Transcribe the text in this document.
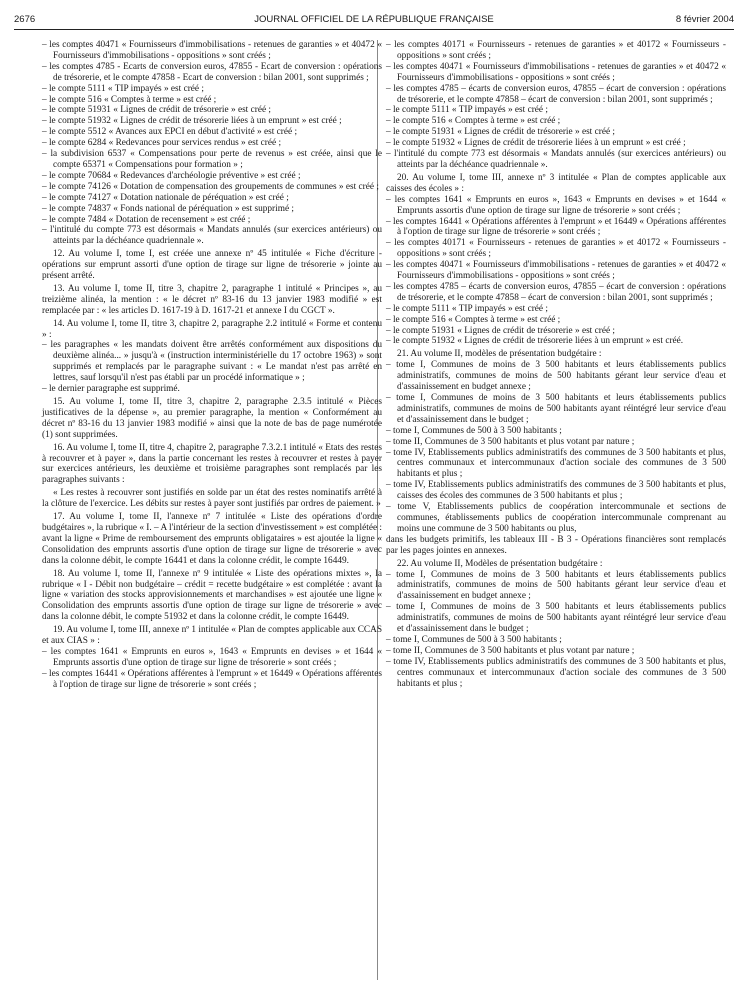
2676	JOURNAL OFFICIEL DE LA RÉPUBLIQUE FRANÇAISE	8 février 2004

– les comptes 40471 « Fournisseurs d'immobilisations - retenues de garanties » et 40472 « Fournisseurs d'immobilisations - oppositions » sont créés ;

– les comptes 4785 - Ecarts de conversion euros, 47855 - Ecart de conversion : opérations de trésorerie, et le compte 47858 - Ecart de conversion : bilan 2001, sont supprimés ;

– le compte 5111 « TIP impayés » est créé ;

– le compte 516 « Comptes à terme » est créé ;

– le compte 51931 « Lignes de crédit de trésorerie » est créé ;

– le compte 51932 « Lignes de crédit de trésorerie liées à un emprunt » est créé ;

– le compte 5512 « Avances aux EPCI en début d'activité » est créé ;

– le compte 6284 « Redevances pour services rendus » est créé ;

– la subdivision 6537 « Compensations pour perte de revenus » est créée, ainsi que le compte 65371 « Compensations pour formation » ;

– le compte 70684 « Redevances d'archéologie préventive » est créé ;

– le compte 74126 « Dotation de compensation des groupements de communes » est créé ;

– le compte 74127 « Dotation nationale de péréquation » est créé ;

– le compte 74837 « Fonds national de péréquation » est supprimé ;

– le compte 7484 « Dotation de recensement » est créé ;

– l'intitulé du compte 773 est désormais « Mandats annulés (sur exercices antérieurs) ou atteints par la déchéance quadriennale ».

12. Au volume I, tome I, est créée une annexe nº 45 intitulée « Fiche d'écriture - opérations sur emprunt assorti d'une option de tirage sur ligne de trésorerie » jointe au présent arrêté.

13. Au volume I, tome II, titre 3, chapitre 2, paragraphe 1 intitulé « Principes », au treizième alinéa, la mention : « le décret nº 83-16 du 13 janvier 1983 modifié » est remplacée par : « les articles D. 1617-19 à D. 1617-21 et annexe I du CGCT ».

14. Au volume I, tome II, titre 3, chapitre 2, paragraphe 2.2 intitulé « Forme et contenu » :

– les paragraphes « les mandats doivent être arrêtés conformément aux dispositions du deuxième alinéa... » jusqu'à « (instruction interministérielle du 17 octobre 1963) » sont supprimés et remplacés par le paragraphe suivant : « Le mandat n'est pas arrêté en lettres, sauf lorsqu'il n'est pas établi par un procédé informatique » ;

– le dernier paragraphe est supprimé.

15. Au volume I, tome II, titre 3, chapitre 2, paragraphe 2.3.5 intitulé « Pièces justificatives de la dépense », au premier paragraphe, la mention « Conformément au décret nº 83-16 du 13 janvier 1983 modifié » ainsi que la note de bas de page numérotée (1) sont supprimées.

16. Au volume I, tome II, titre 4, chapitre 2, paragraphe 7.3.2.1 intitulé « Etats des restes à recouvrer et à payer », dans la partie concernant les restes à recouvrer et restes à payer sur exercices antérieurs, les deuxième et troisième paragraphes sont remplacés par les paragraphes suivants :

« Les restes à recouvrer sont justifiés en solde par un état des restes nominatifs arrêté à la clôture de l'exercice. Les débits sur restes à payer sont justifiés par ordres de paiement. »

17. Au volume I, tome II, l'annexe nº 7 intitulée « Liste des opérations d'ordre budgétaires », la rubrique « I. – A l'intérieur de la section d'investissement » est complétée : avant la ligne « Prime de remboursement des emprunts obligataires » est ajoutée la ligne « Consolidation des emprunts assortis d'une option de tirage sur ligne de trésorerie » avec dans la colonne débit, le compte 16441 et dans la colonne crédit, le compte 16449.

18. Au volume I, tome II, l'annexe nº 9 intitulée « Liste des opérations mixtes », la rubrique « I - Débit non budgétaire – crédit = recette budgétaire » est complétée : avant la ligne « variation des stocks approvisionnements et marchandises » est ajoutée une ligne « Consolidation des emprunts assortis d'une option de tirage sur ligne de trésorerie » avec dans la colonne débit, le compte 51932 et dans la colonne crédit, le compte 16449.

19. Au volume I, tome III, annexe nº 1 intitulée « Plan de comptes applicable aux CCAS et aux CIAS » :

– les comptes 1641 « Emprunts en euros », 1643 « Emprunts en devises » et 1644 « Emprunts assortis d'une option de tirage sur ligne de trésorerie » sont créés ;

– les comptes 16441 « Opérations afférentes à l'emprunt » et 16449 « Opérations afférentes à l'option de tirage sur ligne de trésorerie » sont créés ;

– les comptes 40171 « Fournisseurs - retenues de garanties » et 40172 « Fournisseurs - oppositions » sont créés ;

– les comptes 40471 « Fournisseurs d'immobilisations - retenues de garanties » et 40472 « Fournisseurs d'immobilisations - oppositions » sont créés ;

– les comptes 4785 – écarts de conversion euros, 47855 – écart de conversion : opérations de trésorerie, et le compte 47858 – écart de conversion : bilan 2001, sont supprimés ;

– le compte 5111 « TIP impayés » est créé ;

– le compte 516 « Comptes à terme » est créé ;

– le compte 51931 « Lignes de crédit de trésorerie » est créé ;

– le compte 51932 « Lignes de crédit de trésorerie liées à un emprunt » est créé ;

– l'intitulé du compte 773 est désormais « Mandats annulés (sur exercices antérieurs) ou atteints par la déchéance quadriennale ».

20. Au volume I, tome III, annexe nº 3 intitulée « Plan de comptes applicable aux caisses des écoles » :

– les comptes 1641 « Emprunts en euros », 1643 « Emprunts en devises » et 1644 « Emprunts assortis d'une option de tirage sur ligne de trésorerie » sont créés ;

– les comptes 16441 « Opérations afférentes à l'emprunt » et 16449 « Opérations afférentes à l'option de tirage sur ligne de trésorerie » sont créés ;

– les comptes 40171 « Fournisseurs - retenues de garanties » et 40172 « Fournisseurs - oppositions » sont créés ;

– les comptes 40471 « Fournisseurs d'immobilisations - retenues de garanties » et 40472 « Fournisseurs d'immobilisations - oppositions » sont créés ;

– les comptes 4785 – écarts de conversion euros, 47855 – écart de conversion : opérations de trésorerie, et le compte 47858 – écart de conversion : bilan 2001, sont supprimés ;

– le compte 5111 « TIP impayés » est créé ;

– le compte 516 « Comptes à terme » est créé ;

– le compte 51931 « Lignes de crédit de trésorerie » est créé ;

– le compte 51932 « Lignes de crédit de trésorerie liées à un emprunt » est créé.

21. Au volume II, modèles de présentation budgétaire :

– tome I, Communes de moins de 3 500 habitants et leurs établissements publics administratifs, communes de moins de 500 habitants gérant leur service d'eau et d'assainissement en budget annexe ;

– tome I, Communes de moins de 3 500 habitants et leurs établissements publics administratifs, communes de moins de 500 habitants ayant réintégré leur service d'eau et d'assainissement dans le budget ;

– tome I, Communes de 500 à 3 500 habitants ;

– tome II, Communes de 3 500 habitants et plus votant par nature ;

– tome IV, Etablissements publics administratifs des communes de 3 500 habitants et plus, centres communaux et intercommunaux d'action sociale des communes de 3 500 habitants et plus ;

– tome IV, Etablissements publics administratifs des communes de 3 500 habitants et plus, caisses des écoles des communes de 3 500 habitants et plus ;

– tome V, Etablissements publics de coopération intercommunale et sections de communes, établissements publics de coopération intercommunale comprenant au moins une commune de 3 500 habitants ou plus,

dans les budgets primitifs, les tableaux III - B 3 - Opérations financières sont remplacés par les pages jointes en annexes.

22. Au volume II, Modèles de présentation budgétaire :

– tome I, Communes de moins de 3 500 habitants et leurs établissements publics administratifs, communes de moins de 500 habitants gérant leur service d'eau et d'assainissement en budget annexe ;

– tome I, Communes de moins de 3 500 habitants et leurs établissements publics administratifs, communes de moins de 500 habitants ayant réintégré leur service d'eau et d'assainissement dans le budget ;

– tome I, Communes de 500 à 3 500 habitants ;

– tome II, Communes de 3 500 habitants et plus votant par nature ;

– tome IV, Etablissements publics administratifs des communes de 3 500 habitants et plus, centres communaux et intercommunaux d'action sociale des communes de 3 500 habitants et plus ;
